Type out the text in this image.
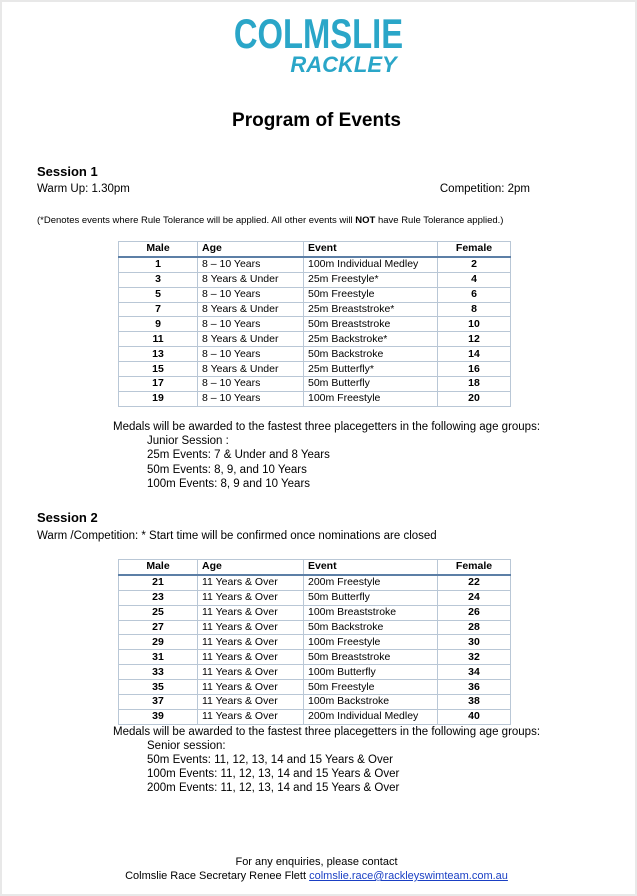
COLMSLIE
RACKLEY
Program of Events
Session 1
Warm Up: 1.30pm	Competition: 2pm
(*Denotes events where Rule Tolerance will be applied. All other events will NOT have Rule Tolerance applied.)
Male	Age	Event	Female
1	8 – 10 Years	100m Individual Medley	2
3	8 Years & Under	25m Freestyle*	4
5	8 – 10 Years	50m Freestyle	6
7	8 Years & Under	25m Breaststroke*	8
9	8 – 10 Years	50m Breaststroke	10
11	8 Years & Under	25m Backstroke*	12
13	8 – 10 Years	50m Backstroke	14
15	8 Years & Under	25m Butterfly*	16
17	8 – 10 Years	50m Butterfly	18
19	8 – 10 Years	100m Freestyle	20
Medals will be awarded to the fastest three placegetters in the following age groups:
Junior Session :
25m Events: 7 & Under and 8 Years
50m Events: 8, 9, and 10 Years
100m Events: 8, 9 and 10 Years
Session 2
Warm /Competition: * Start time will be confirmed once nominations are closed
Male	Age	Event	Female
21	11 Years & Over	200m Freestyle	22
23	11 Years & Over	50m Butterfly	24
25	11 Years & Over	100m Breaststroke	26
27	11 Years & Over	50m Backstroke	28
29	11 Years & Over	100m Freestyle	30
31	11 Years & Over	50m Breaststroke	32
33	11 Years & Over	100m Butterfly	34
35	11 Years & Over	50m Freestyle	36
37	11 Years & Over	100m Backstroke	38
39	11 Years & Over	200m Individual Medley	40
Medals will be awarded to the fastest three placegetters in the following age groups:
Senior session:
50m Events: 11, 12, 13, 14 and 15 Years & Over
100m Events: 11, 12, 13, 14 and 15 Years & Over
200m Events: 11, 12, 13, 14 and 15 Years & Over
For any enquiries, please contact
Colmslie Race Secretary Renee Flett colmslie.race@rackleyswimteam.com.au
